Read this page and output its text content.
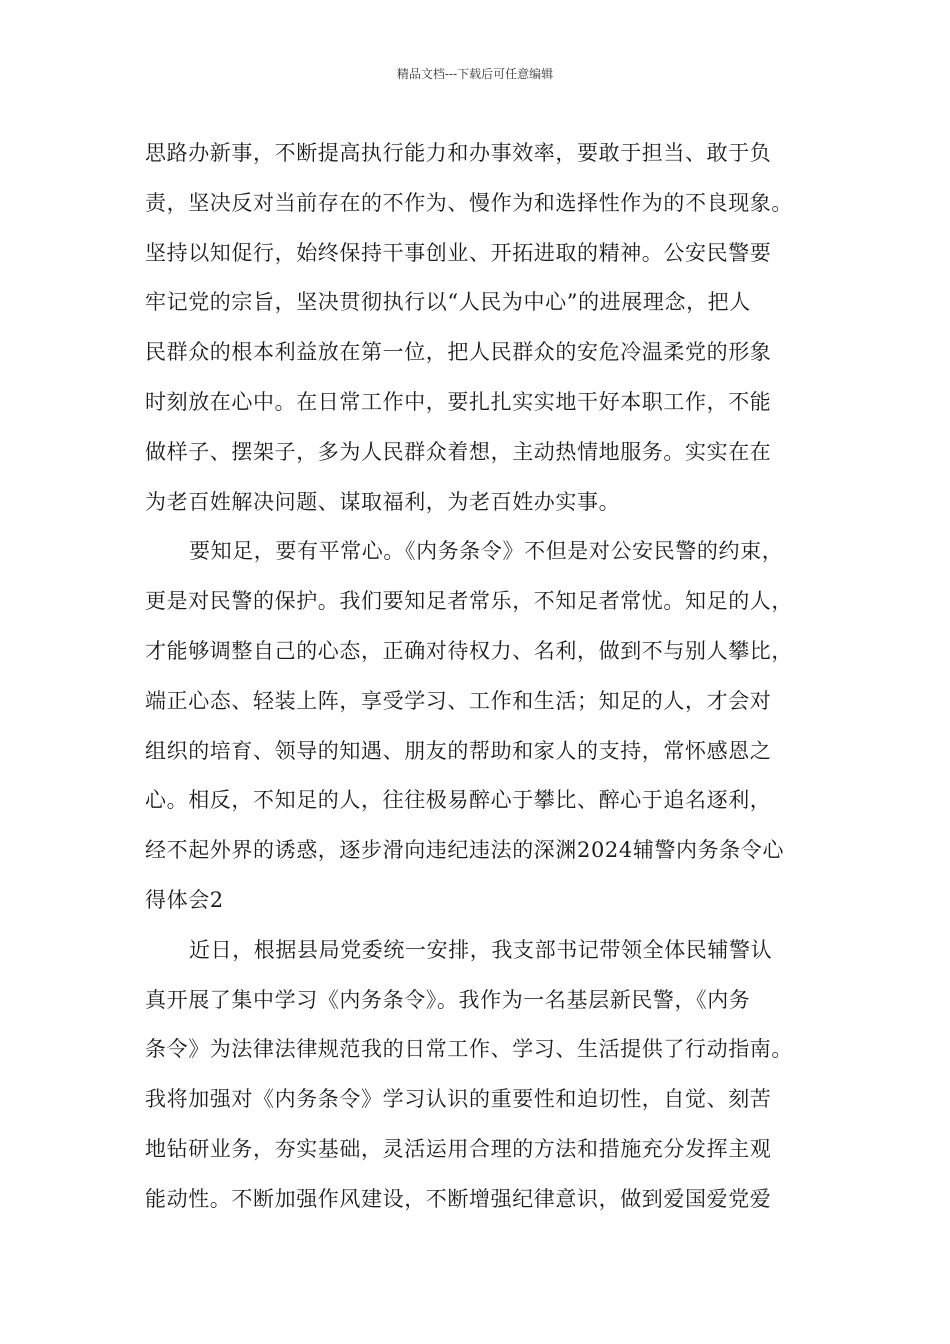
精品文档---下载后可任意编辑
思路办新事，不断提高执行能力和办事效率，要敢于担当、敢于负
责，坚决反对当前存在的不作为、慢作为和选择性作为的不良现象。
坚持以知促行，始终保持干事创业、开拓进取的精神。公安民警要
牢记党的宗旨，坚决贯彻执行以“人民为中心”的进展理念，把人
民群众的根本利益放在第一位，把人民群众的安危冷温柔党的形象
时刻放在心中。在日常工作中，要扎扎实实地干好本职工作，不能
做样子、摆架子，多为人民群众着想，主动热情地服务。实实在在
为老百姓解决问题、谋取福利，为老百姓办实事。
要知足，要有平常心。《内务条令》不但是对公安民警的约束，
更是对民警的保护。我们要知足者常乐，不知足者常忧。知足的人，
才能够调整自己的心态，正确对待权力、名利，做到不与别人攀比，
端正心态、轻装上阵，享受学习、工作和生活；知足的人，才会对
组织的培育、领导的知遇、朋友的帮助和家人的支持，常怀感恩之
心。相反，不知足的人，往往极易醉心于攀比、醉心于追名逐利，
经不起外界的诱惑，逐步滑向违纪违法的深渊2024辅警内务条令心
得体会2
近日，根据县局党委统一安排，我支部书记带领全体民辅警认
真开展了集中学习《内务条令》。我作为一名基层新民警，《内务
条令》为法律法律规范我的日常工作、学习、生活提供了行动指南。
我将加强对《内务条令》学习认识的重要性和迫切性，自觉、刻苦
地钻研业务，夯实基础，灵活运用合理的方法和措施充分发挥主观
能动性。不断加强作风建设，不断增强纪律意识，做到爱国爱党爱
